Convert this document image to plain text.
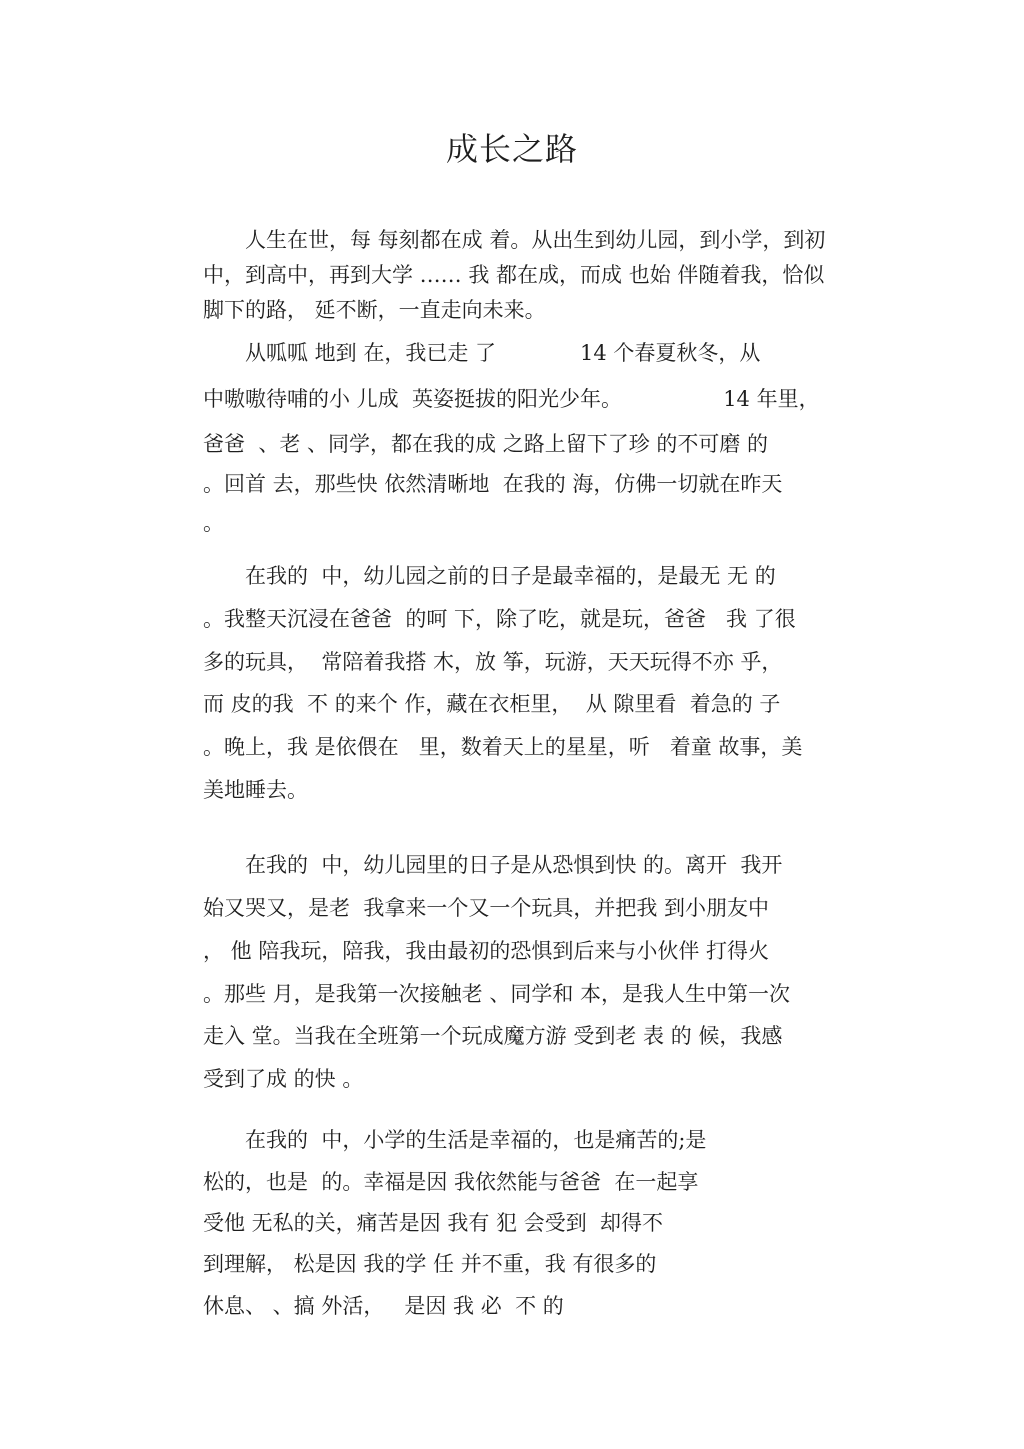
成长之路
　　人生在世，每 每刻都在成 着。从出生到幼儿园，到小学，到初
中，到高中，再到大学 …… 我 都在成，而成 也始 伴随着我，恰似
脚下的路， 延不断，一直走向未来。
　　从呱呱 地到 在，我已走 了　　　　14 个春夏秋冬，从
中嗷嗷待哺的小 儿成  英姿挺拔的阳光少年。　　　　　 14 年里，
爸爸  、老 、同学，都在我的成 之路上留下了珍 的不可磨 的
。回首 去，那些快 依然清晰地  在我的 海，仿佛一切就在昨天
。
　　在我的  中，幼儿园之前的日子是最幸福的，是最无 无 的
。我整天沉浸在爸爸  的呵 下，除了吃，就是玩，爸爸   我 了很
多的玩具，  常陪着我搭 木，放 筝，玩游，天天玩得不亦 乎，
而 皮的我  不 的来个 作，藏在衣柜里，  从 隙里看  着急的 子
。晚上，我 是依偎在   里，数着天上的星星，听   着童 故事，美
美地睡去。
　　在我的  中，幼儿园里的日子是从恐惧到快 的。离开  我开
始又哭又，是老  我拿来一个又一个玩具，并把我 到小朋友中
， 他 陪我玩，陪我，我由最初的恐惧到后来与小伙伴 打得火
。那些 月，是我第一次接触老 、同学和 本，是我人生中第一次
走入 堂。当我在全班第一个玩成魔方游 受到老 表 的 候，我感
受到了成 的快 。
　　在我的  中，小学的生活是幸福的，也是痛苦的;是
松的，也是  的。幸福是因 我依然能与爸爸  在一起享
受他 无私的关，痛苦是因 我有 犯 会受到  却得不
到理解， 松是因 我的学 任 并不重，我 有很多的
休息、 、搞 外活，   是因 我 必  不 的
